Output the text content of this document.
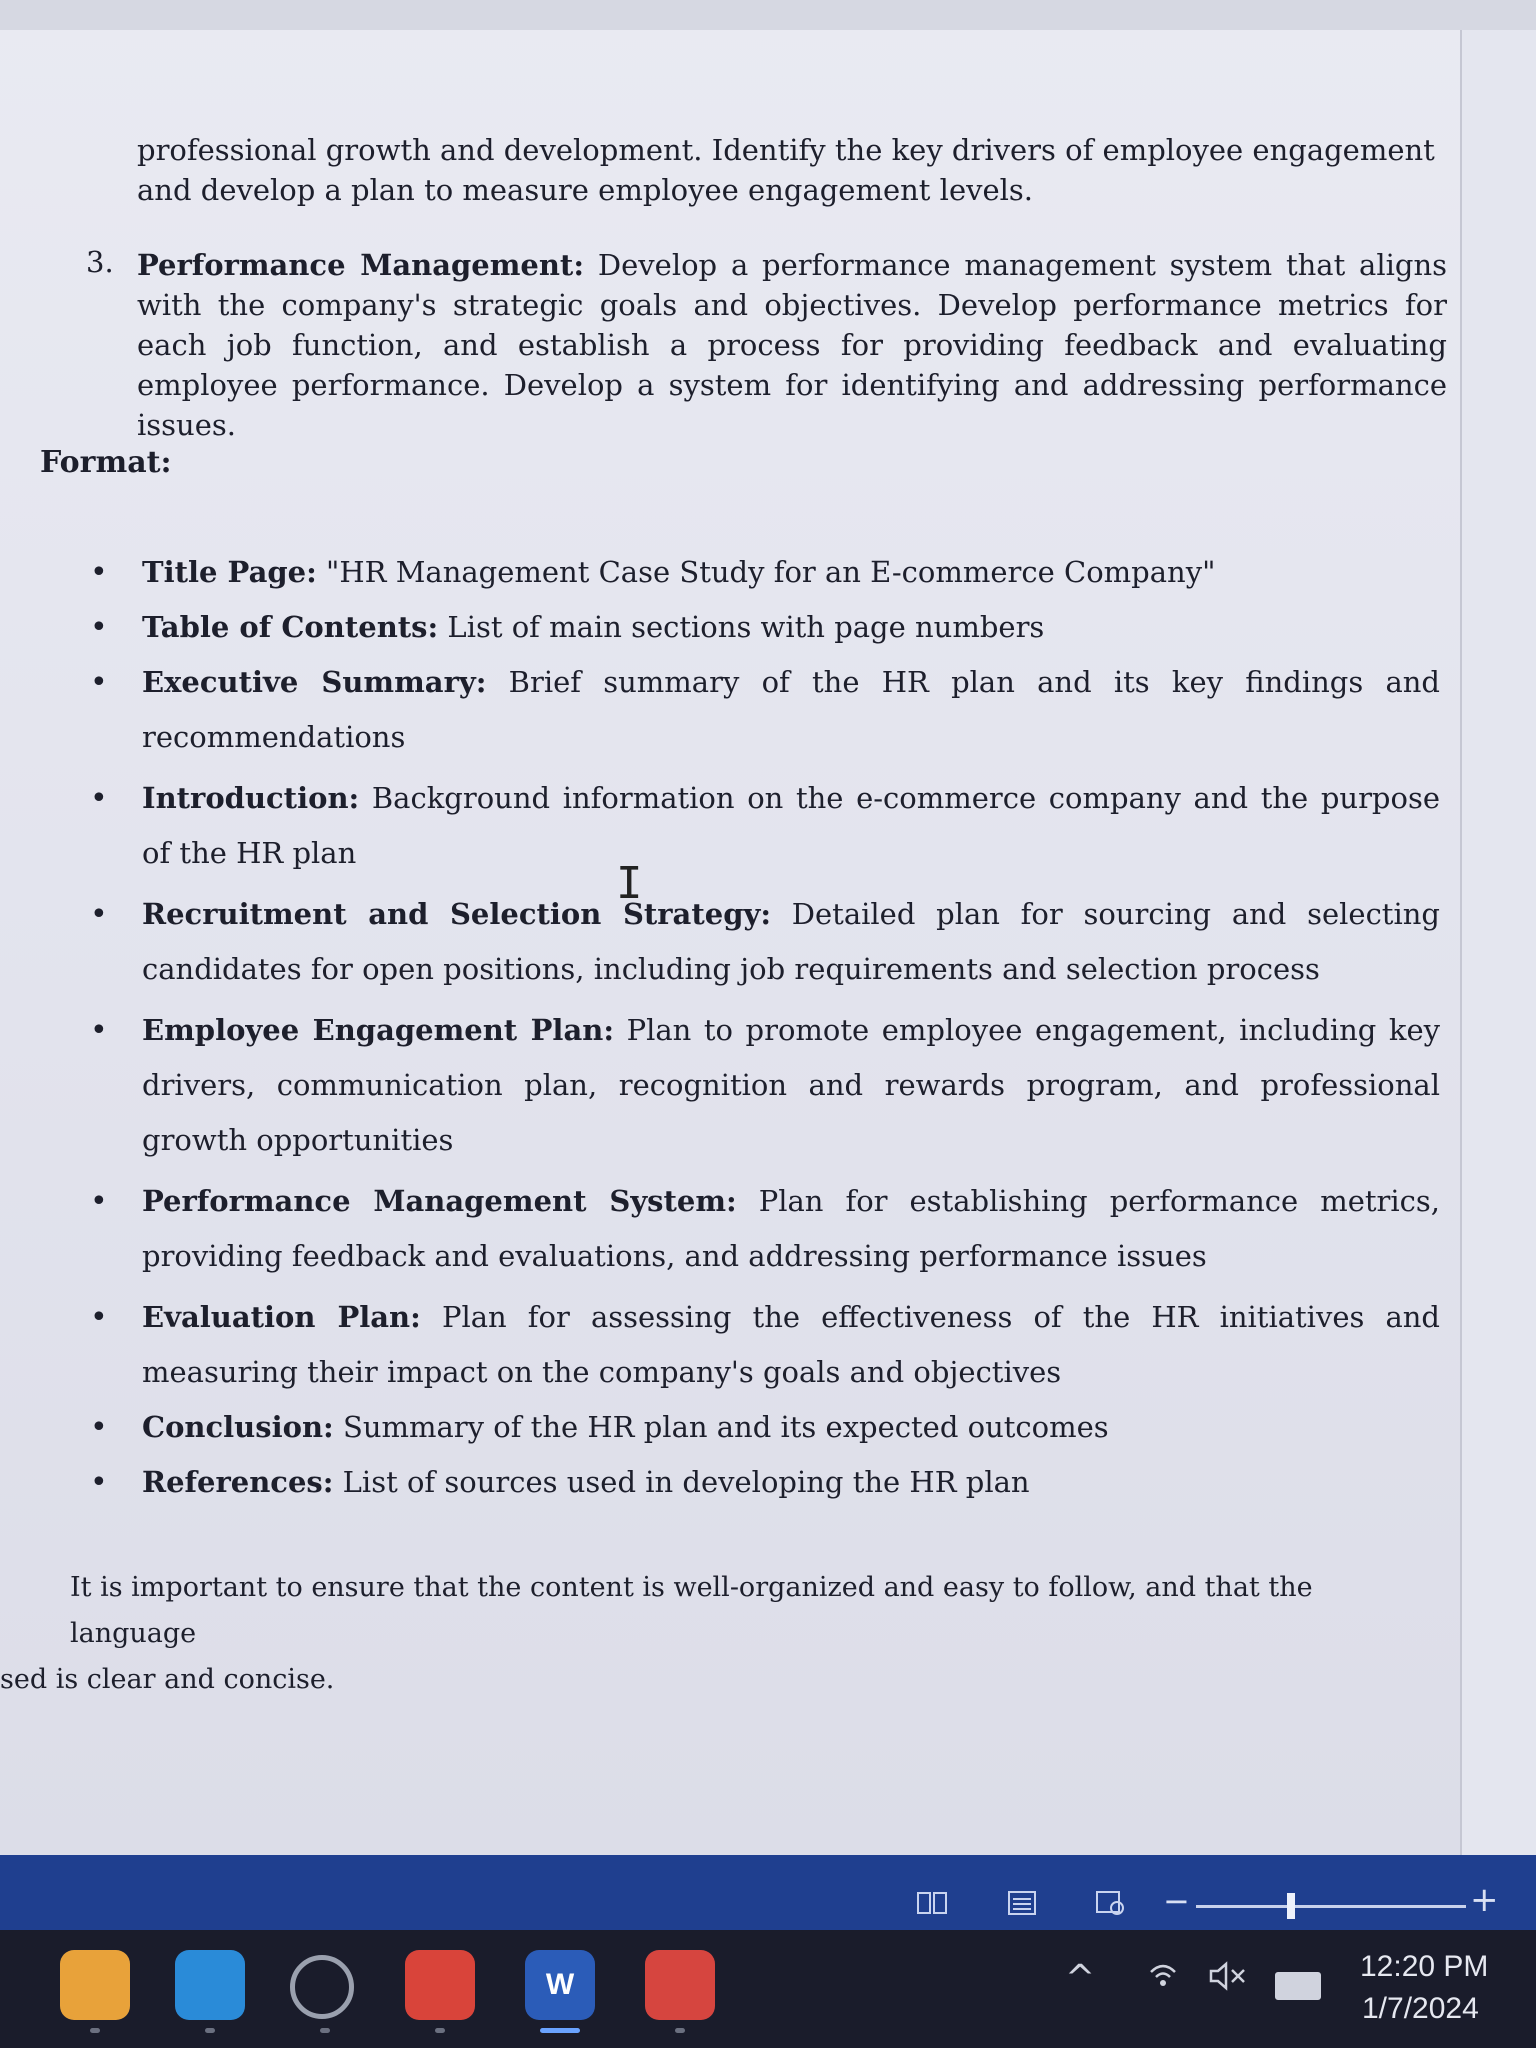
professional growth and development. Identify the key drivers of employee engagement and develop a plan to measure employee engagement levels.
3. Performance Management: Develop a performance management system that aligns with the company's strategic goals and objectives. Develop performance metrics for each job function, and establish a process for providing feedback and evaluating employee performance. Develop a system for identifying and addressing performance issues.
Format:
• Title Page: "HR Management Case Study for an E-commerce Company"
• Table of Contents: List of main sections with page numbers
• Executive Summary: Brief summary of the HR plan and its key findings and recommendations
• Introduction: Background information on the e-commerce company and the purpose of the HR plan
• Recruitment and Selection Strategy: Detailed plan for sourcing and selecting candidates for open positions, including job requirements and selection process
• Employee Engagement Plan: Plan to promote employee engagement, including key drivers, communication plan, recognition and rewards program, and professional growth opportunities
• Performance Management System: Plan for establishing performance metrics, providing feedback and evaluations, and addressing performance issues
• Evaluation Plan: Plan for assessing the effectiveness of the HR initiatives and measuring their impact on the company's goals and objectives
• Conclusion: Summary of the HR plan and its expected outcomes
• References: List of sources used in developing the HR plan
It is important to ensure that the content is well-organized and easy to follow, and that the language
sed is clear and concise.
I
−	+
W	^	12:20 PM
1/7/2024
